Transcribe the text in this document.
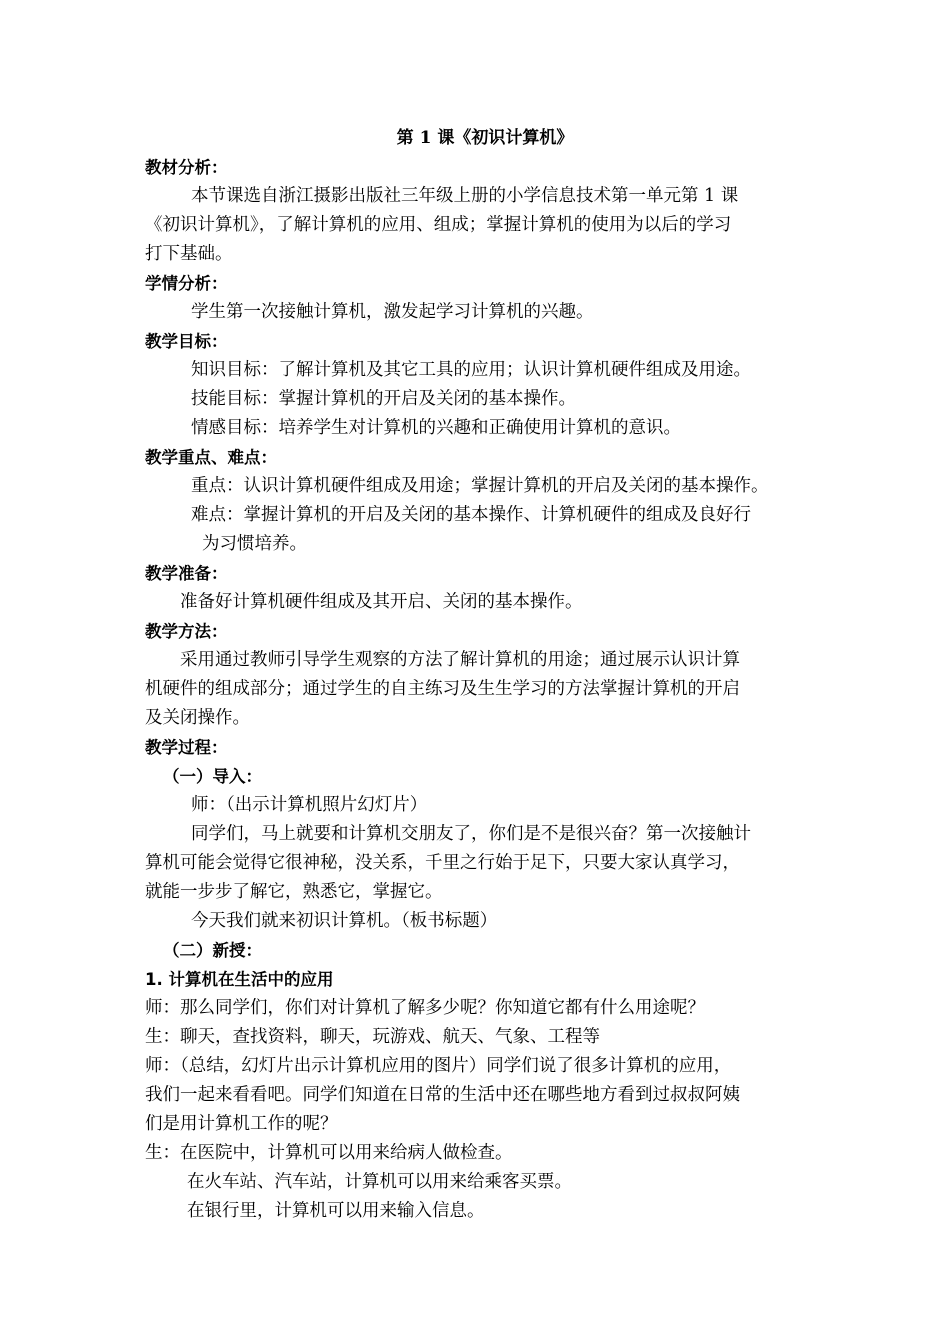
第 1 课《初识计算机》
教材分析：
本节课选自浙江摄影出版社三年级上册的小学信息技术第一单元第 1 课
《初识计算机》，了解计算机的应用、组成；掌握计算机的使用为以后的学习
打下基础。
学情分析：
学生第一次接触计算机，激发起学习计算机的兴趣。
教学目标：
知识目标：了解计算机及其它工具的应用；认识计算机硬件组成及用途。
技能目标：掌握计算机的开启及关闭的基本操作。
情感目标：培养学生对计算机的兴趣和正确使用计算机的意识。
教学重点、难点：
重点：认识计算机硬件组成及用途；掌握计算机的开启及关闭的基本操作。
难点：掌握计算机的开启及关闭的基本操作、计算机硬件的组成及良好行
为习惯培养。
教学准备：
准备好计算机硬件组成及其开启、关闭的基本操作。
教学方法：
采用通过教师引导学生观察的方法了解计算机的用途；通过展示认识计算
机硬件的组成部分；通过学生的自主练习及生生学习的方法掌握计算机的开启
及关闭操作。
教学过程：
（一）导入：
师：（出示计算机照片幻灯片）
同学们，马上就要和计算机交朋友了，你们是不是很兴奋？第一次接触计
算机可能会觉得它很神秘，没关系，千里之行始于足下，只要大家认真学习，
就能一步步了解它，熟悉它，掌握它。
今天我们就来初识计算机。（板书标题）
（二）新授：
1. 计算机在生活中的应用
师：那么同学们，你们对计算机了解多少呢？你知道它都有什么用途呢？
生：聊天，查找资料，聊天，玩游戏、航天、气象、工程等
师：（总结，幻灯片出示计算机应用的图片）同学们说了很多计算机的应用，
我们一起来看看吧。同学们知道在日常的生活中还在哪些地方看到过叔叔阿姨
们是用计算机工作的呢？
生：在医院中，计算机可以用来给病人做检查。
在火车站、汽车站，计算机可以用来给乘客买票。
在银行里，计算机可以用来输入信息。
